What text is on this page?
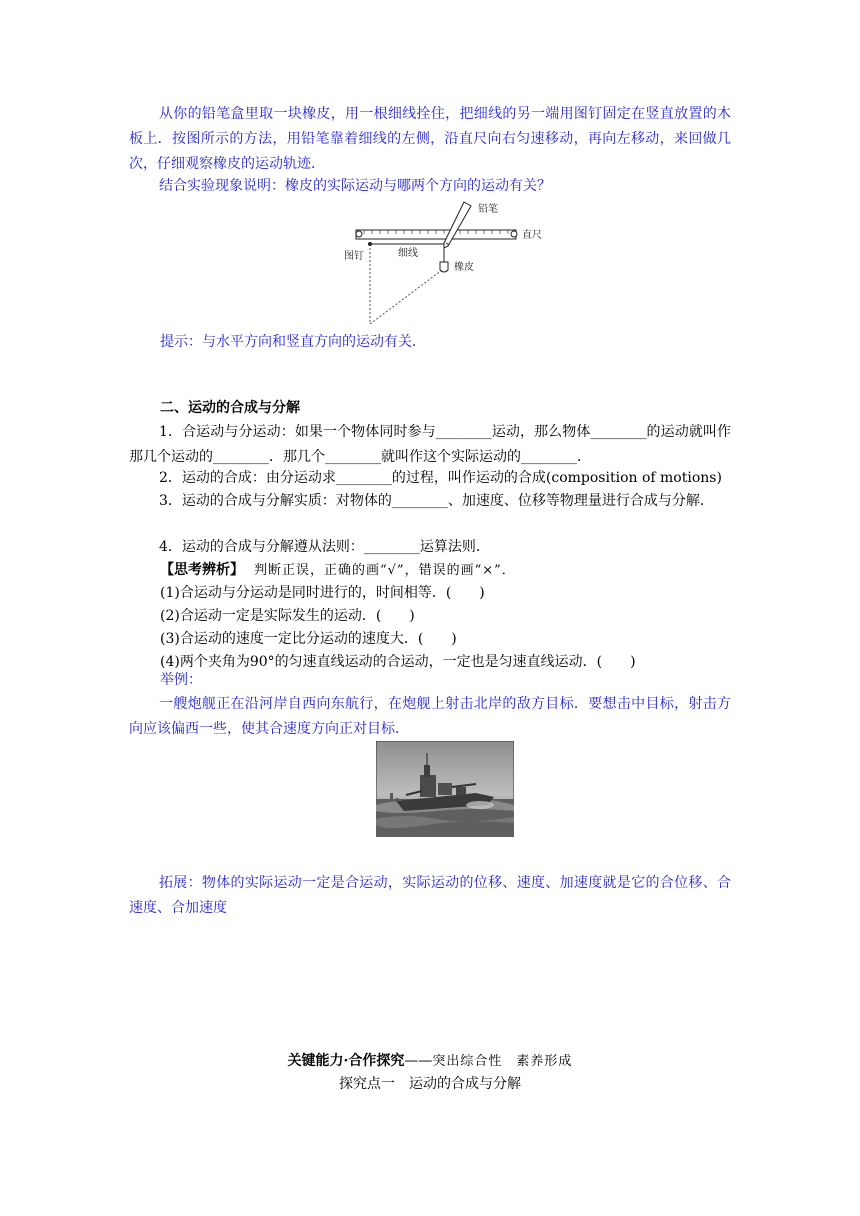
从你的铅笔盒里取一块橡皮，用一根细线拴住，把细线的另一端用图钉固定在竖直放置的木板上．按图所示的方法，用铅笔靠着细线的左侧，沿直尺向右匀速移动，再向左移动，来回做几次，仔细观察橡皮的运动轨迹．

结合实验现象说明：橡皮的实际运动与哪两个方向的运动有关？

铅笔
直尺
图钉	细线
橡皮

提示：与水平方向和竖直方向的运动有关．

二、运动的合成与分解

1．合运动与分运动：如果一个物体同时参与________运动，那么物体________的运动就叫作那几个运动的________．那几个________就叫作这个实际运动的________．

2．运动的合成：由分运动求________的过程，叫作运动的合成(composition of motions)

3．运动的合成与分解实质：对物体的________、加速度、位移等物理量进行合成与分解．

4．运动的合成与分解遵从法则：________运算法则．

【思考辨析】 判断正误，正确的画“√”，错误的画“×”．

(1)合运动与分运动是同时进行的，时间相等．(　　)

(2)合运动一定是实际发生的运动．(　　)

(3)合运动的速度一定比分运动的速度大．(　　)

(4)两个夹角为90°的匀速直线运动的合运动，一定也是匀速直线运动．(　　)

举例：

一艘炮舰正在沿河岸自西向东航行，在炮舰上射击北岸的敌方目标．要想击中目标，射击方向应该偏西一些，使其合速度方向正对目标．

拓展：物体的实际运动一定是合运动，实际运动的位移、速度、加速度就是它的合位移、合速度、合加速度

关键能力·合作探究——突出综合性　素养形成

探究点一　运动的合成与分解
